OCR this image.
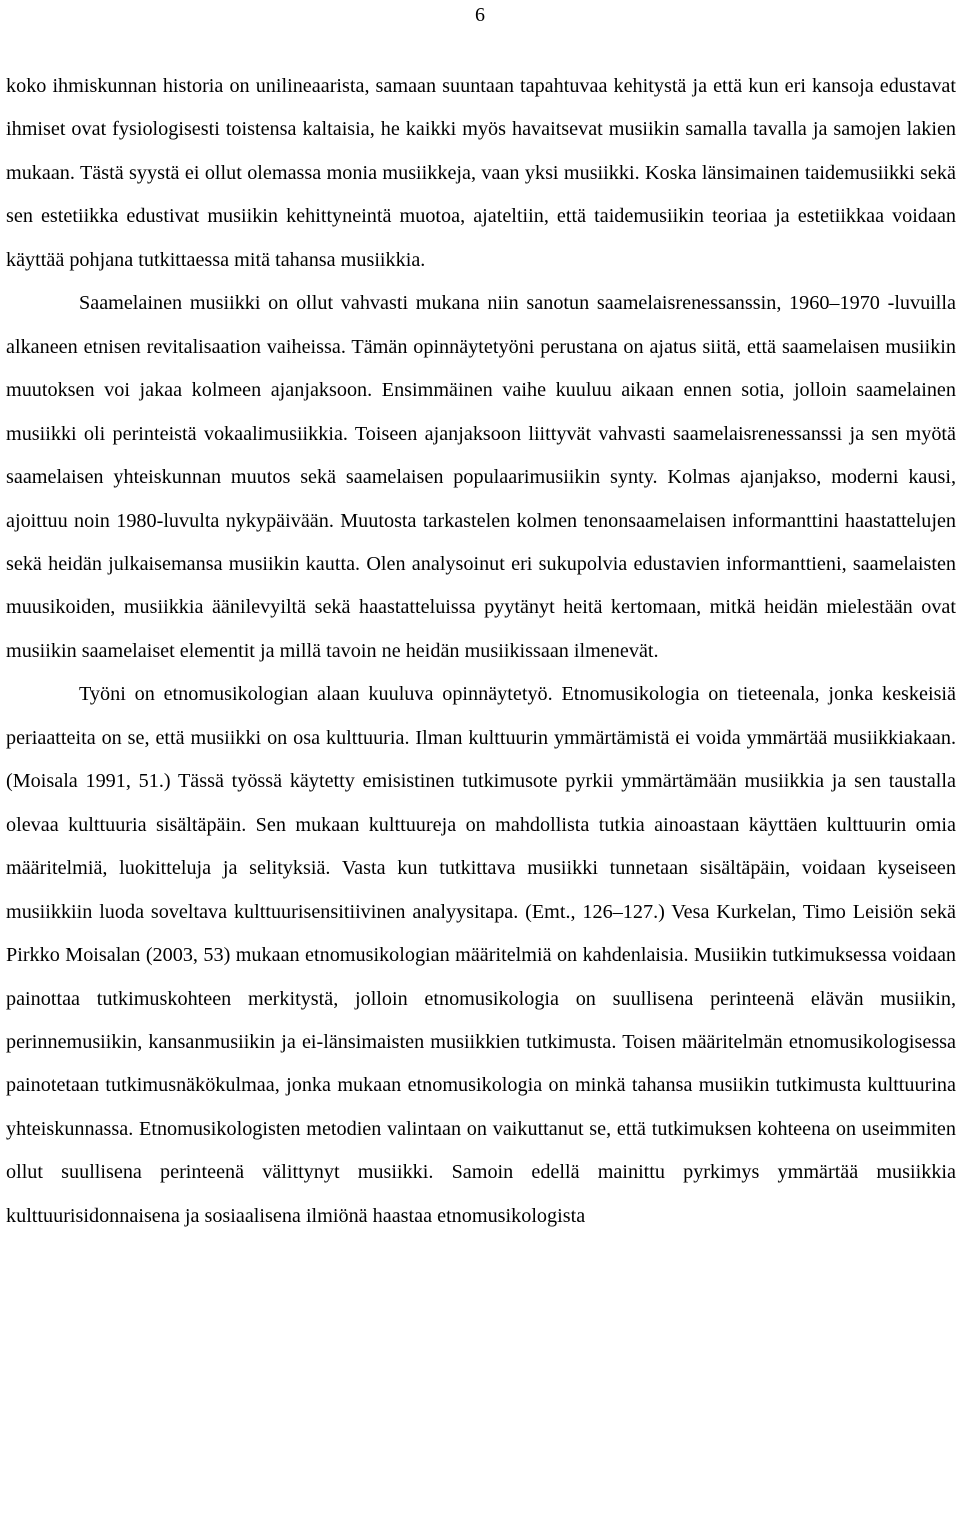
6

koko ihmiskunnan historia on unilineaarista, samaan suuntaan tapahtuvaa kehitystä ja että kun eri kansoja edustavat ihmiset ovat fysiologisesti toistensa kaltaisia, he kaikki myös havaitsevat musiikin samalla tavalla ja samojen lakien mukaan. Tästä syystä ei ollut olemassa monia musiikkeja, vaan yksi musiikki. Koska länsimainen taidemusiikki sekä sen estetiikka edustivat musiikin kehittyneintä muotoa, ajateltiin, että taidemusiikin teoriaa ja estetiikkaa voidaan käyttää pohjana tutkittaessa mitä tahansa musiikkia.

Saamelainen musiikki on ollut vahvasti mukana niin sanotun saamelaisrenessanssin, 1960–1970 -luvuilla alkaneen etnisen revitalisaation vaiheissa. Tämän opinnäytetyöni perustana on ajatus siitä, että saamelaisen musiikin muutoksen voi jakaa kolmeen ajanjaksoon. Ensimmäinen vaihe kuuluu aikaan ennen sotia, jolloin saamelainen musiikki oli perinteistä vokaalimusiikkia. Toiseen ajanjaksoon liittyvät vahvasti saamelaisrenessanssi ja sen myötä saamelaisen yhteiskunnan muutos sekä saamelaisen populaarimusiikin synty. Kolmas ajanjakso, moderni kausi, ajoittuu noin 1980-luvulta nykypäivään. Muutosta tarkastelen kolmen tenonsaamelaisen informanttini haastattelujen sekä heidän julkaisemansa musiikin kautta. Olen analysoinut eri sukupolvia edustavien informanttieni, saamelaisten muusikoiden, musiikkia äänilevyiltä sekä haastatteluissa pyytänyt heitä kertomaan, mitkä heidän mielestään ovat musiikin saamelaiset elementit ja millä tavoin ne heidän musiikissaan ilmenevät.

Työni on etnomusikologian alaan kuuluva opinnäytetyö. Etnomusikologia on tieteenala, jonka keskeisiä periaatteita on se, että musiikki on osa kulttuuria. Ilman kulttuurin ymmärtämistä ei voida ymmärtää musiikkiakaan. (Moisala 1991, 51.) Tässä työssä käytetty emisistinen tutkimusote pyrkii ymmärtämään musiikkia ja sen taustalla olevaa kulttuuria sisältäpäin. Sen mukaan kulttuureja on mahdollista tutkia ainoastaan käyttäen kulttuurin omia määritelmiä, luokitteluja ja selityksiä. Vasta kun tutkittava musiikki tunnetaan sisältäpäin, voidaan kyseiseen musiikkiin luoda soveltava kulttuurisensitiivinen analyysitapa. (Emt., 126–127.) Vesa Kurkelan, Timo Leisiön sekä Pirkko Moisalan (2003, 53) mukaan etnomusikologian määritelmiä on kahdenlaisia. Musiikin tutkimuksessa voidaan painottaa tutkimuskohteen merkitystä, jolloin etnomusikologia on suullisena perinteenä elävän musiikin, perinnemusiikin, kansanmusiikin ja ei-länsimaisten musiikkien tutkimusta. Toisen määritelmän etnomusikologisessa painotetaan tutkimusnäkökulmaa, jonka mukaan etnomusikologia on minkä tahansa musiikin tutkimusta kulttuurina yhteiskunnassa. Etnomusikologisten metodien valintaan on vaikuttanut se, että tutkimuksen kohteena on useimmiten ollut suullisena perinteenä välittynyt musiikki. Samoin edellä mainittu pyrkimys ymmärtää musiikkia kulttuurisidonnaisena ja sosiaalisena ilmiönä haastaa etnomusikologista
